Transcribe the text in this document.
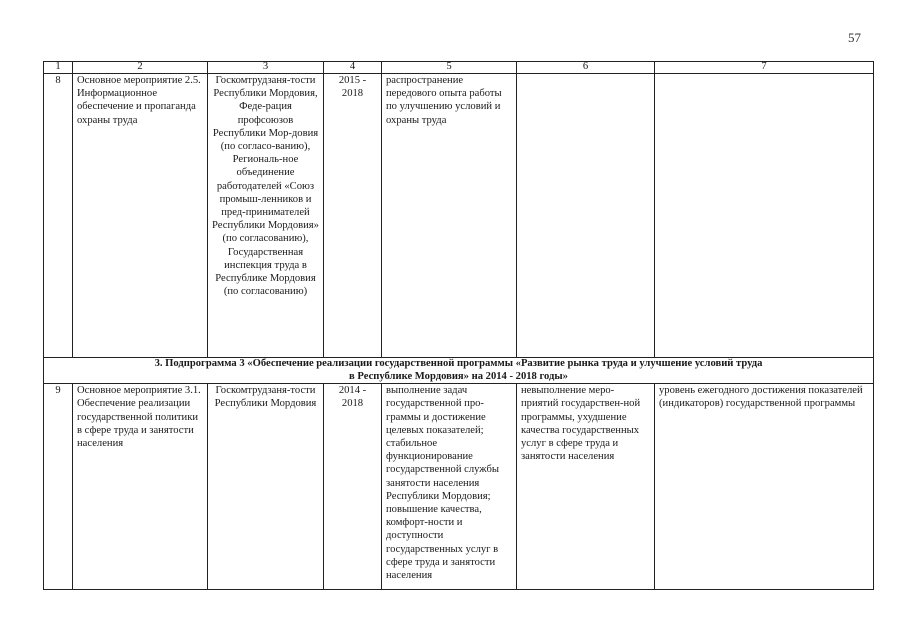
57
1	2	3	4	5	6	7
8	Основное мероприятие 2.5. Информационное обеспечение и пропаганда охраны труда	Госкомтрудзаня-тости Республики Мордовия, Феде-рация профсоюзов Республики Мор-довия (по согласо-ванию), Региональ-ное объединение работодателей «Союз промыш-ленников и пред-принимателей Республики Мордовия» (по согласованию), Государственная инспекция труда в Республике Мордовия (по согласованию)	2015 - 2018	распространение передового опыта работы по улучшению условий и охраны труда		

3. Подпрограмма 3 «Обеспечение реализации государственной программы «Развитие рынка труда и улучшение условий труда
в Республике Мордовия» на 2014 - 2018 годы»						

9	Основное мероприятие 3.1. Обеспечение реализации государственной политики в сфере труда и занятости населения	Госкомтрудзаня-тости Республики Мордовия	2014 - 2018	выполнение задач государственной про-граммы и достижение целевых показателей; стабильное функционирование государственной службы занятости населения Республики Мордовия; повышение качества, комфорт-ности и доступности государственных услуг в сфере труда и занятости населения	невыполнение меро-приятий государствен-ной программы, ухудшение качества государственных услуг в сфере труда и занятости населения	уровень ежегодного достижения показателей (индикаторов) государственной программы
